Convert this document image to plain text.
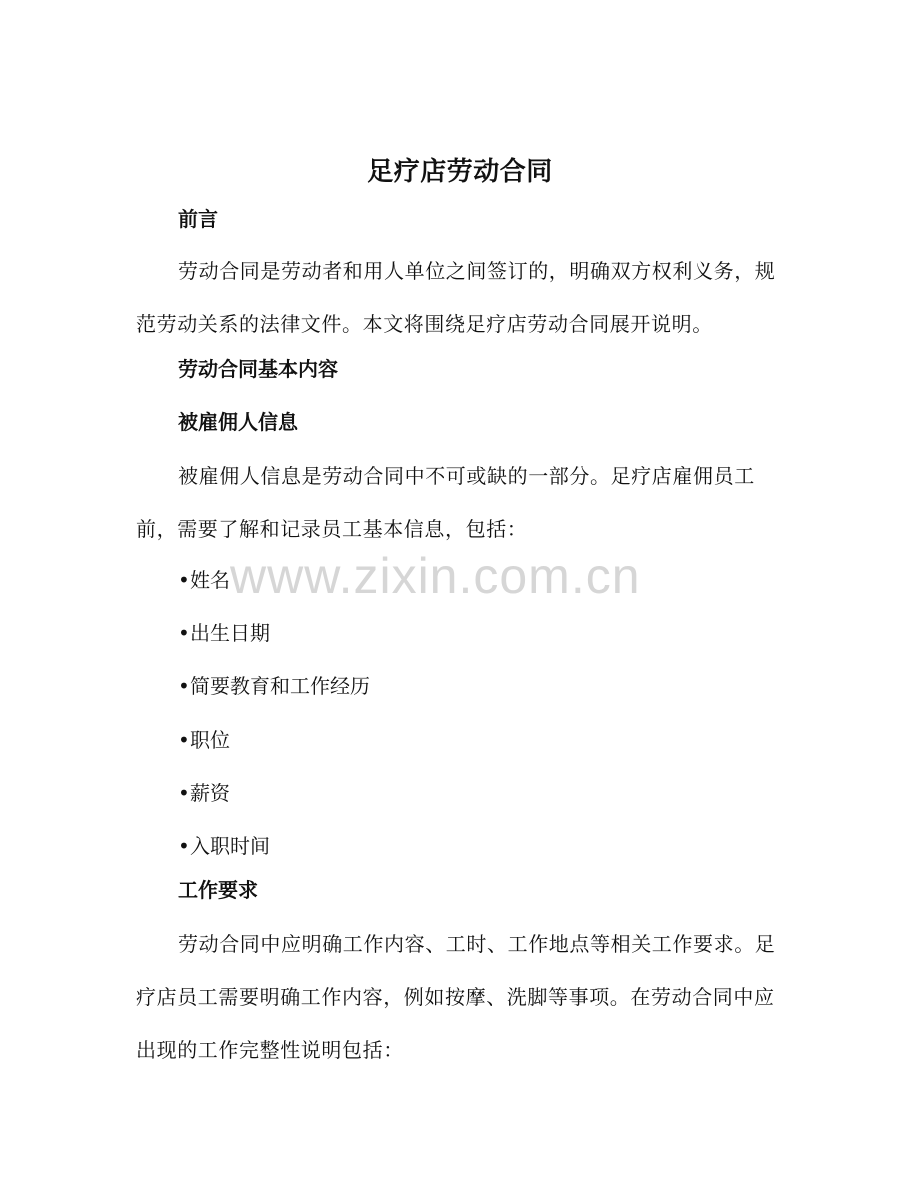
足疗店劳动合同
前言
劳动合同是劳动者和用人单位之间签订的，明确双方权利义务，规范劳动关系的法律文件。本文将围绕足疗店劳动合同展开说明。
劳动合同基本内容
被雇佣人信息
被雇佣人信息是劳动合同中不可或缺的一部分。足疗店雇佣员工前，需要了解和记录员工基本信息，包括：
•姓名
•出生日期
•简要教育和工作经历
•职位
•薪资
•入职时间
工作要求
劳动合同中应明确工作内容、工时、工作地点等相关工作要求。足疗店员工需要明确工作内容，例如按摩、洗脚等事项。在劳动合同中应出现的工作完整性说明包括：
www.zixin.com.cn
